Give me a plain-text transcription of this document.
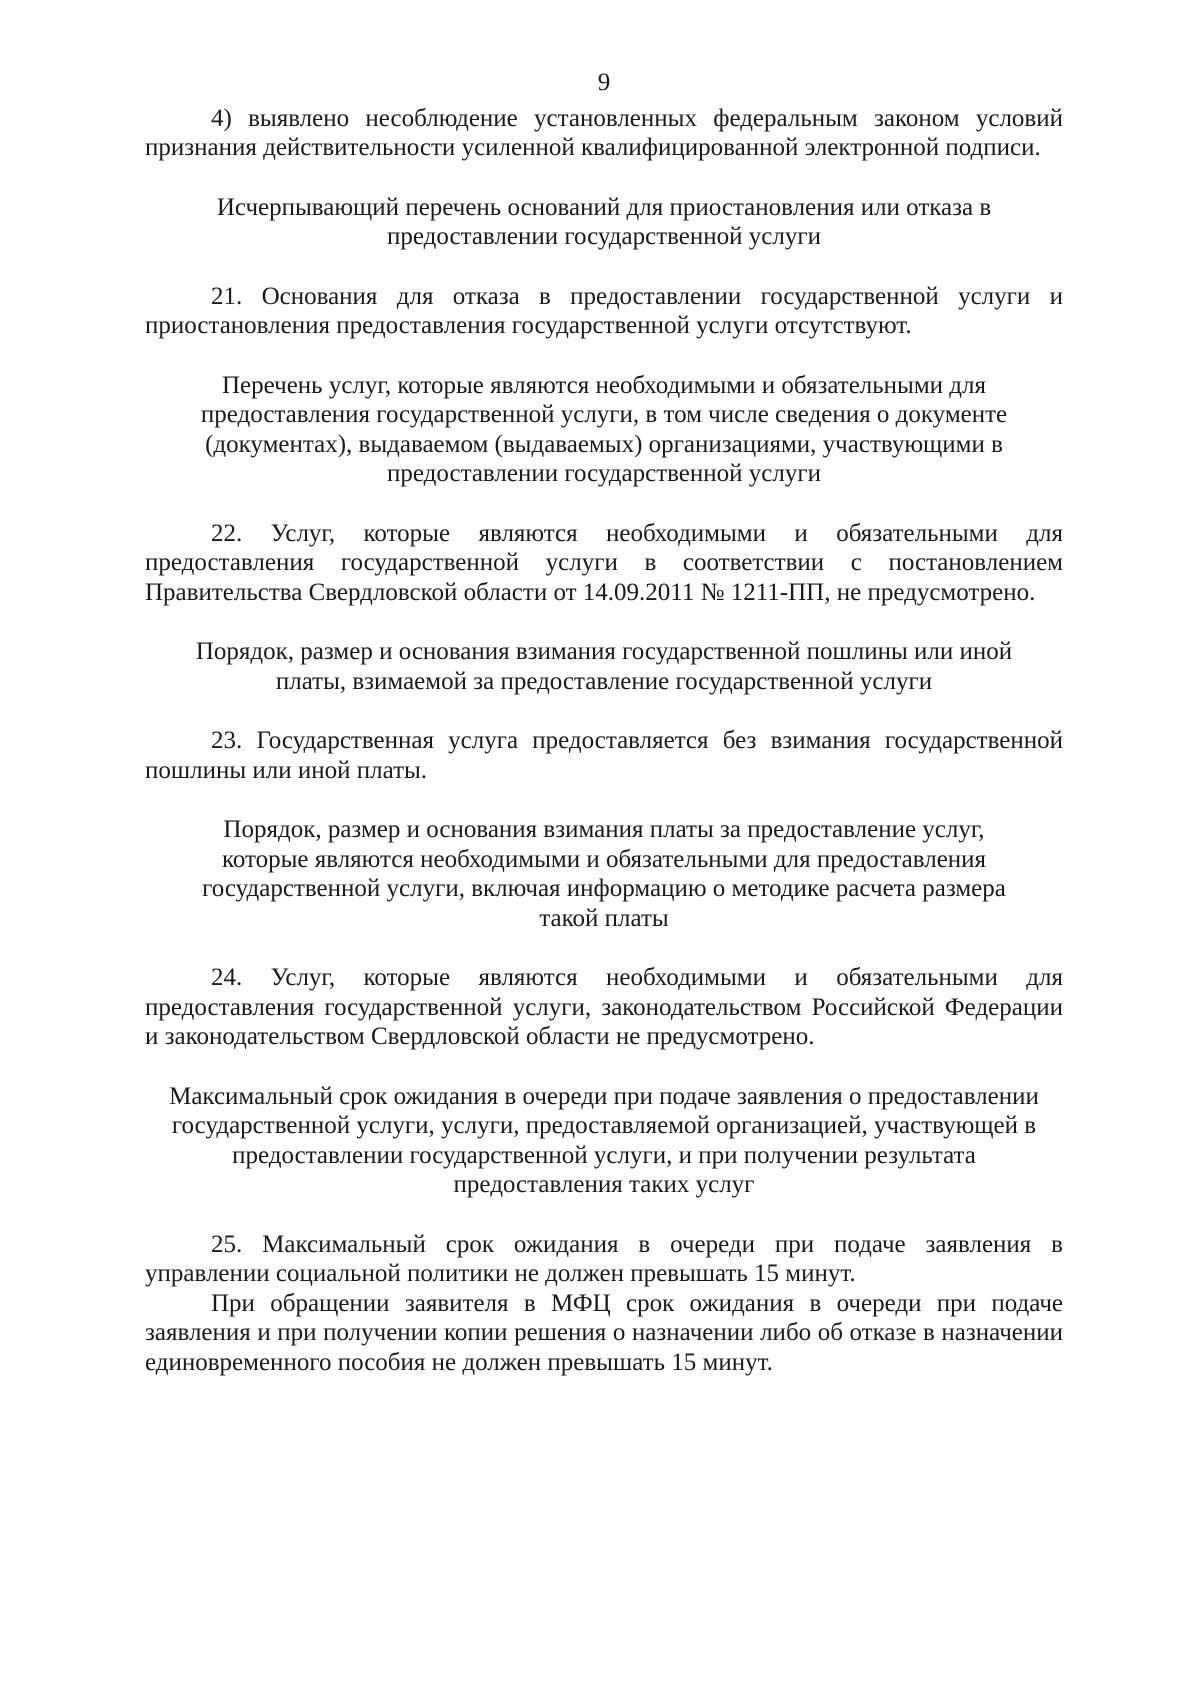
9

4) выявлено несоблюдение установленных федеральным законом условий признания действительности усиленной квалифицированной электронной подписи.

Исчерпывающий перечень оснований для приостановления или отказа в предоставлении государственной услуги

21. Основания для отказа в предоставлении государственной услуги и приостановления предоставления государственной услуги отсутствуют.

Перечень услуг, которые являются необходимыми и обязательными для предоставления государственной услуги, в том числе сведения о документе (документах), выдаваемом (выдаваемых) организациями, участвующими в предоставлении государственной услуги

22. Услуг, которые являются необходимыми и обязательными для предоставления государственной услуги в соответствии с постановлением Правительства Свердловской области от 14.09.2011 № 1211-ПП, не предусмотрено.

Порядок, размер и основания взимания государственной пошлины или иной платы, взимаемой за предоставление государственной услуги

23. Государственная услуга предоставляется без взимания государственной пошлины или иной платы.

Порядок, размер и основания взимания платы за предоставление услуг, которые являются необходимыми и обязательными для предоставления государственной услуги, включая информацию о методике расчета размера такой платы

24. Услуг, которые являются необходимыми и обязательными для предоставления государственной услуги, законодательством Российской Федерации и законодательством Свердловской области не предусмотрено.

Максимальный срок ожидания в очереди при подаче заявления о предоставлении государственной услуги, услуги, предоставляемой организацией, участвующей в предоставлении государственной услуги, и при получении результата предоставления таких услуг

25. Максимальный срок ожидания в очереди при подаче заявления в управлении социальной политики не должен превышать 15 минут.

При обращении заявителя в МФЦ срок ожидания в очереди при подаче заявления и при получении копии решения о назначении либо об отказе в назначении единовременного пособия не должен превышать 15 минут.
